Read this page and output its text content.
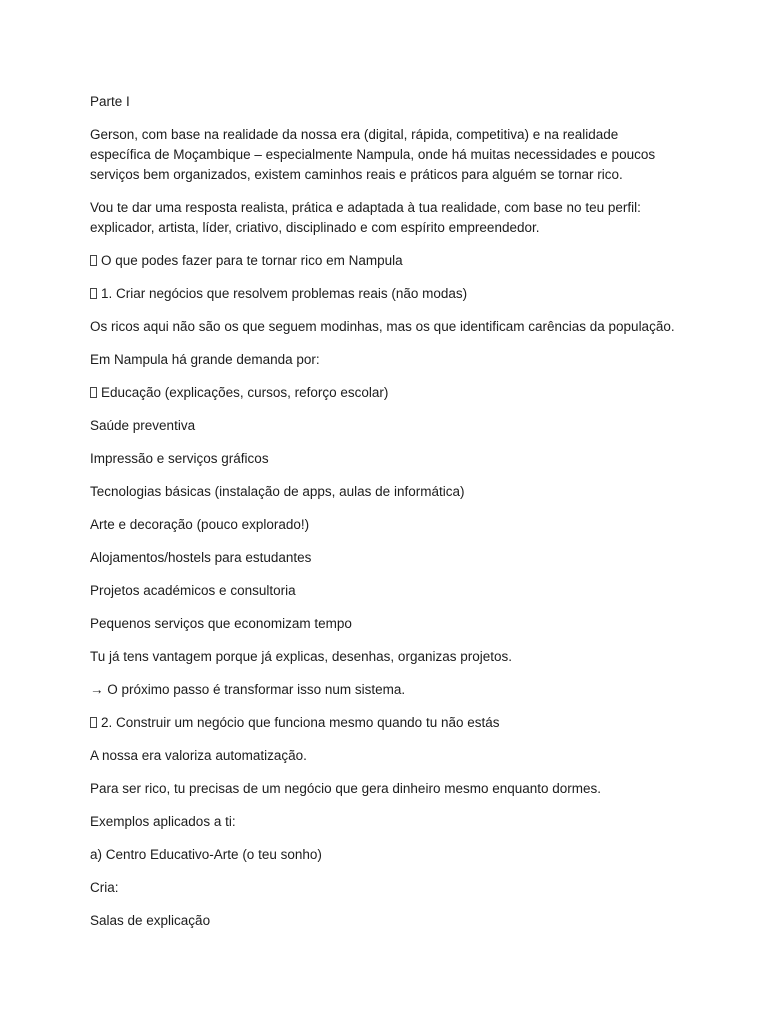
Parte I

Gerson, com base na realidade da nossa era (digital, rápida, competitiva) e na realidade específica de Moçambique – especialmente Nampula, onde há muitas necessidades e poucos serviços bem organizados, existem caminhos reais e práticos para alguém se tornar rico.

Vou te dar uma resposta realista, prática e adaptada à tua realidade, com base no teu perfil: explicador, artista, líder, criativo, disciplinado e com espírito empreendedor.

O que podes fazer para te tornar rico em Nampula

1. Criar negócios que resolvem problemas reais (não modas)

Os ricos aqui não são os que seguem modinhas, mas os que identificam carências da população.

Em Nampula há grande demanda por:

Educação (explicações, cursos, reforço escolar)

Saúde preventiva

Impressão e serviços gráficos

Tecnologias básicas (instalação de apps, aulas de informática)

Arte e decoração (pouco explorado!)

Alojamentos/hostels para estudantes

Projetos académicos e consultoria

Pequenos serviços que economizam tempo

Tu já tens vantagem porque já explicas, desenhas, organizas projetos.

→ O próximo passo é transformar isso num sistema.

2. Construir um negócio que funciona mesmo quando tu não estás

A nossa era valoriza automatização.

Para ser rico, tu precisas de um negócio que gera dinheiro mesmo enquanto dormes.

Exemplos aplicados a ti:

a) Centro Educativo-Arte (o teu sonho)

Cria:

Salas de explicação
